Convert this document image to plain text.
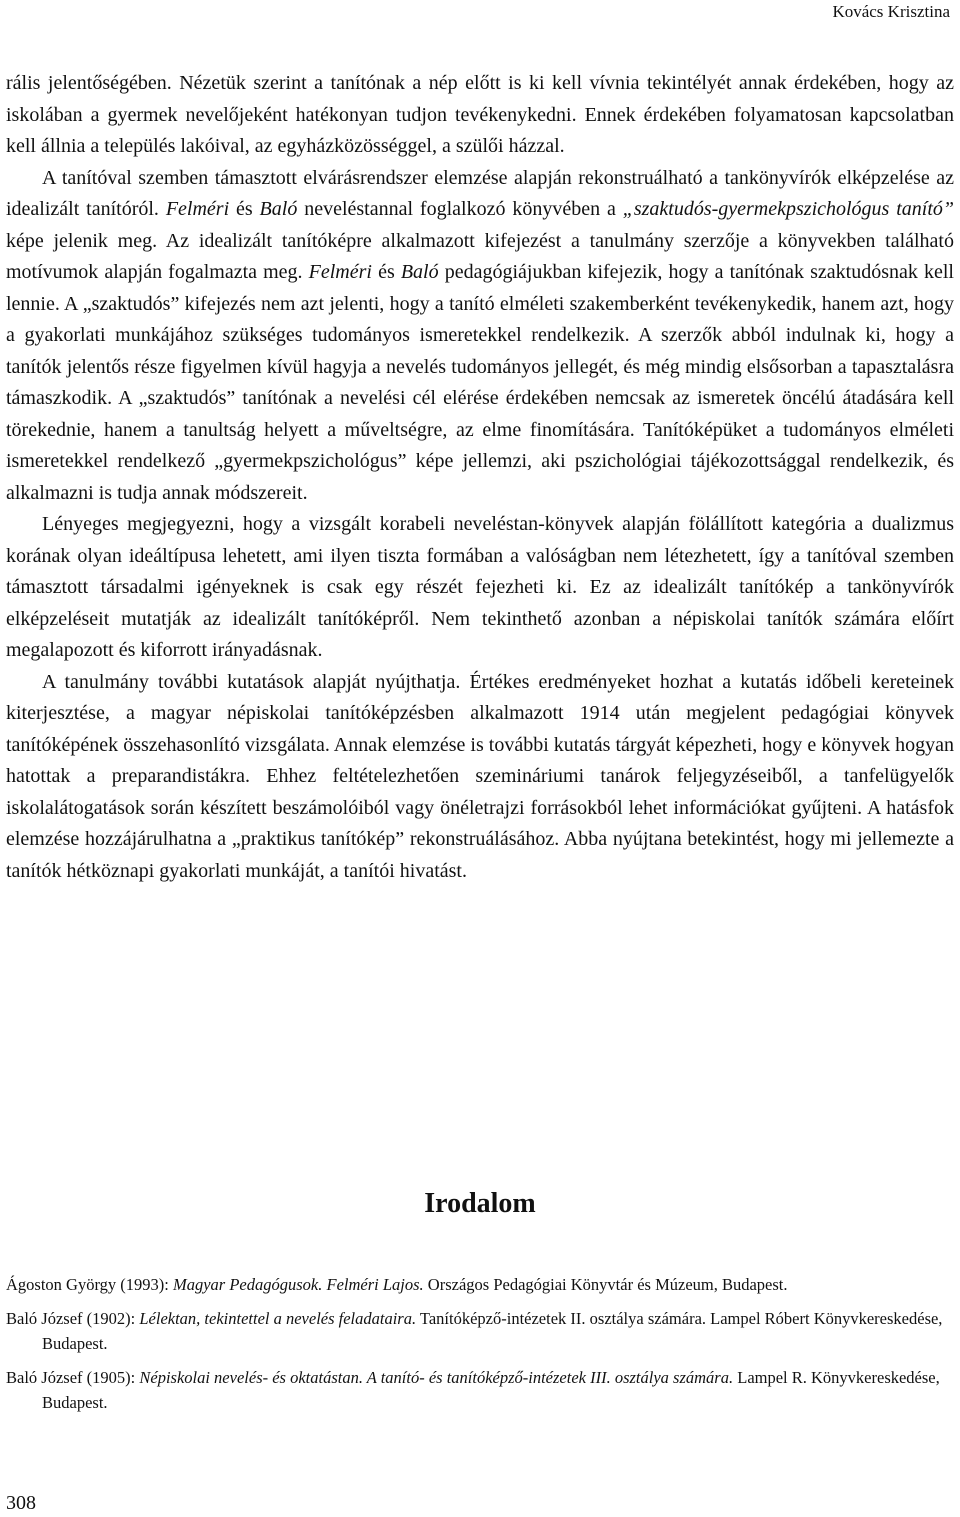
Kovács Krisztina

rális jelentőségében. Nézetük szerint a tanítónak a nép előtt is ki kell vívnia tekintélyét annak érdekében, hogy az iskolában a gyermek nevelőjeként hatékonyan tudjon tevékenykedni. Ennek érdekében folyamatosan kapcsolatban kell állnia a település lakóival, az egyházközösséggel, a szülői házzal.

A tanítóval szemben támasztott elvárásrendszer elemzése alapján rekonstruálható a tankönyvírók elképzelése az idealizált tanítóról. Felméri és Baló neveléstannal foglalkozó könyvében a „szaktudós-gyermekpszichológus tanító” képe jelenik meg. Az idealizált tanítóképre alkalmazott kifejezést a tanulmány szerzője a könyvekben található motívumok alapján fogalmazta meg. Felméri és Baló pedagógiájukban kifejezik, hogy a tanítónak szaktudósnak kell lennie. A „szaktudós” kifejezés nem azt jelenti, hogy a tanító elméleti szakemberként tevékenykedik, hanem azt, hogy a gyakorlati munkájához szükséges tudományos ismeretekkel rendelkezik. A szerzők abból indulnak ki, hogy a tanítók jelentős része figyelmen kívül hagyja a nevelés tudományos jellegét, és még mindig elsősorban a tapasztalásra támaszkodik. A „szaktudós” tanítónak a nevelési cél elérése érdekében nemcsak az ismeretek öncélú átadására kell törekednie, hanem a tanultság helyett a műveltségre, az elme finomítására. Tanítóképüket a tudományos elméleti ismeretekkel rendelkező „gyermekpszichológus” képe jellemzi, aki pszichológiai tájékozottsággal rendelkezik, és alkalmazni is tudja annak módszereit.

Lényeges megjegyezni, hogy a vizsgált korabeli neveléstan-könyvek alapján fölállított kategória a dualizmus korának olyan ideáltípusa lehetett, ami ilyen tiszta formában a valóságban nem létezhetett, így a tanítóval szemben támasztott társadalmi igényeknek is csak egy részét fejezheti ki. Ez az idealizált tanítókép a tankönyvírók elképzeléseit mutatják az idealizált tanítóképről. Nem tekinthető azonban a népiskolai tanítók számára előírt megalapozott és kiforrott irányadásnak.

A tanulmány további kutatások alapját nyújthatja. Értékes eredményeket hozhat a kutatás időbeli kereteinek kiterjesztése, a magyar népiskolai tanítóképzésben alkalmazott 1914 után megjelent pedagógiai könyvek tanítóképének összehasonlító vizsgálata. Annak elemzése is további kutatás tárgyát képezheti, hogy e könyvek hogyan hatottak a preparandistákra. Ehhez feltételezhetően szemináriumi tanárok feljegyzéseiből, a tanfelügyelők iskolalátogatások során készített beszámolóiból vagy önéletrajzi forrásokból lehet információkat gyűjteni. A hatásfok elemzése hozzájárulhatna a „praktikus tanítókép” rekonstruálásához. Abba nyújtana betekintést, hogy mi jellemezte a tanítók hétköznapi gyakorlati munkáját, a tanítói hivatást.

Irodalom
Ágoston György (1993): Magyar Pedagógusok. Felméri Lajos. Országos Pedagógiai Könyvtár és Múzeum, Budapest.
Baló József (1902): Lélektan, tekintettel a nevelés feladataira. Tanítóképző-intézetek II. osztálya számára. Lampel Róbert Könyvkereskedése, Budapest.
Baló József (1905): Népiskolai nevelés- és oktatástan. A tanító- és tanítóképző-intézetek III. osztálya számára. Lampel R. Könyvkereskedése, Budapest.
308
